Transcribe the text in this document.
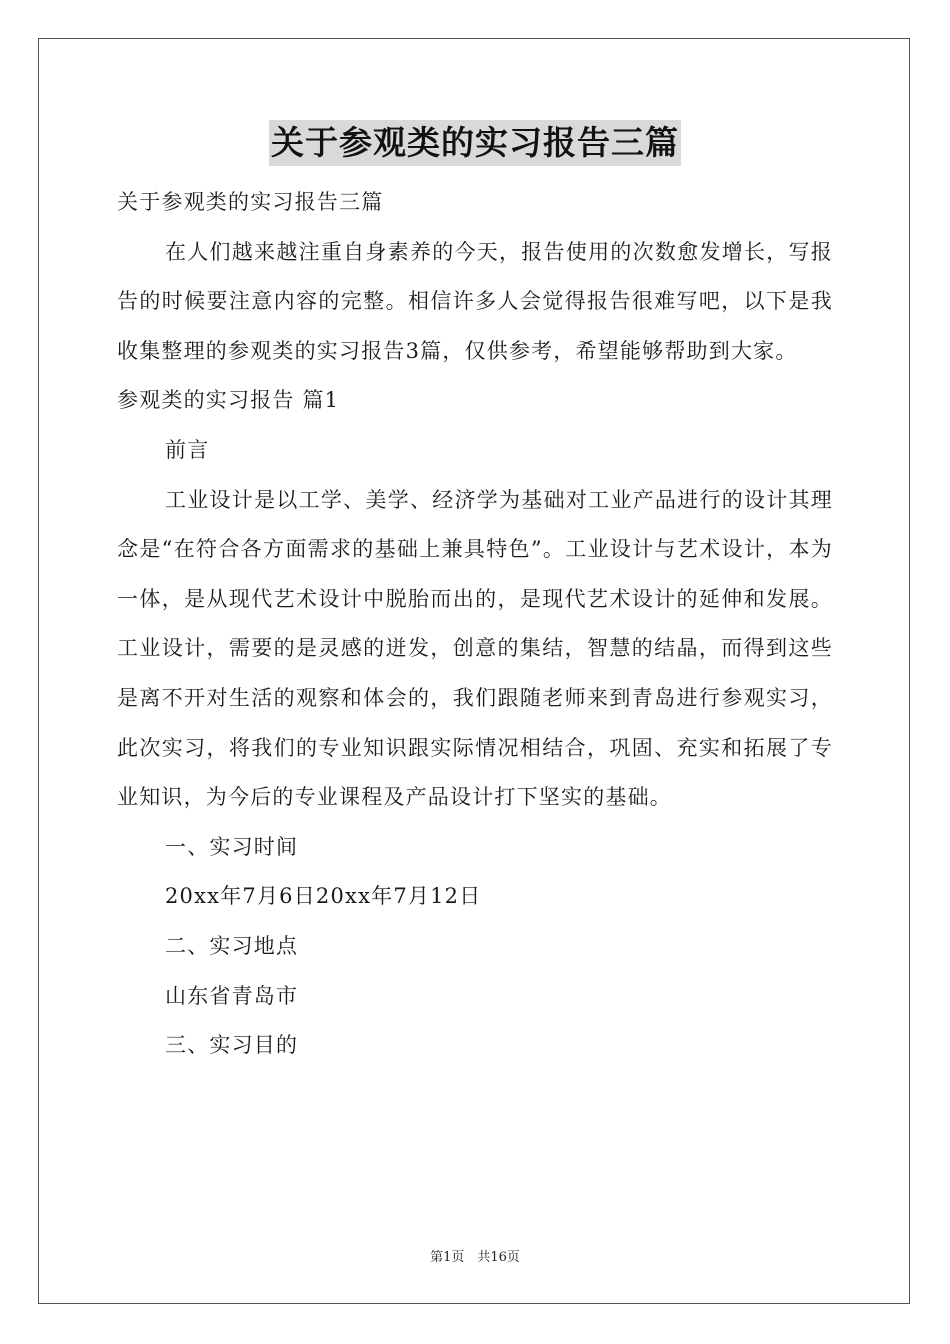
关于参观类的实习报告三篇

关于参观类的实习报告三篇

在人们越来越注重自身素养的今天，报告使用的次数愈发增长，写报告的时候要注意内容的完整。相信许多人会觉得报告很难写吧，以下是我收集整理的参观类的实习报告3篇，仅供参考，希望能够帮助到大家。

参观类的实习报告 篇1

前言

工业设计是以工学、美学、经济学为基础对工业产品进行的设计其理念是“在符合各方面需求的基础上兼具特色”。工业设计与艺术设计，本为一体，是从现代艺术设计中脱胎而出的，是现代艺术设计的延伸和发展。工业设计，需要的是灵感的迸发，创意的集结，智慧的结晶，而得到这些是离不开对生活的观察和体会的，我们跟随老师来到青岛进行参观实习，此次实习，将我们的专业知识跟实际情况相结合，巩固、充实和拓展了专业知识，为今后的专业课程及产品设计打下坚实的基础。

一、实习时间

20xx年7月6日20xx年7月12日

二、实习地点

山东省青岛市

三、实习目的

第1页　共16页
